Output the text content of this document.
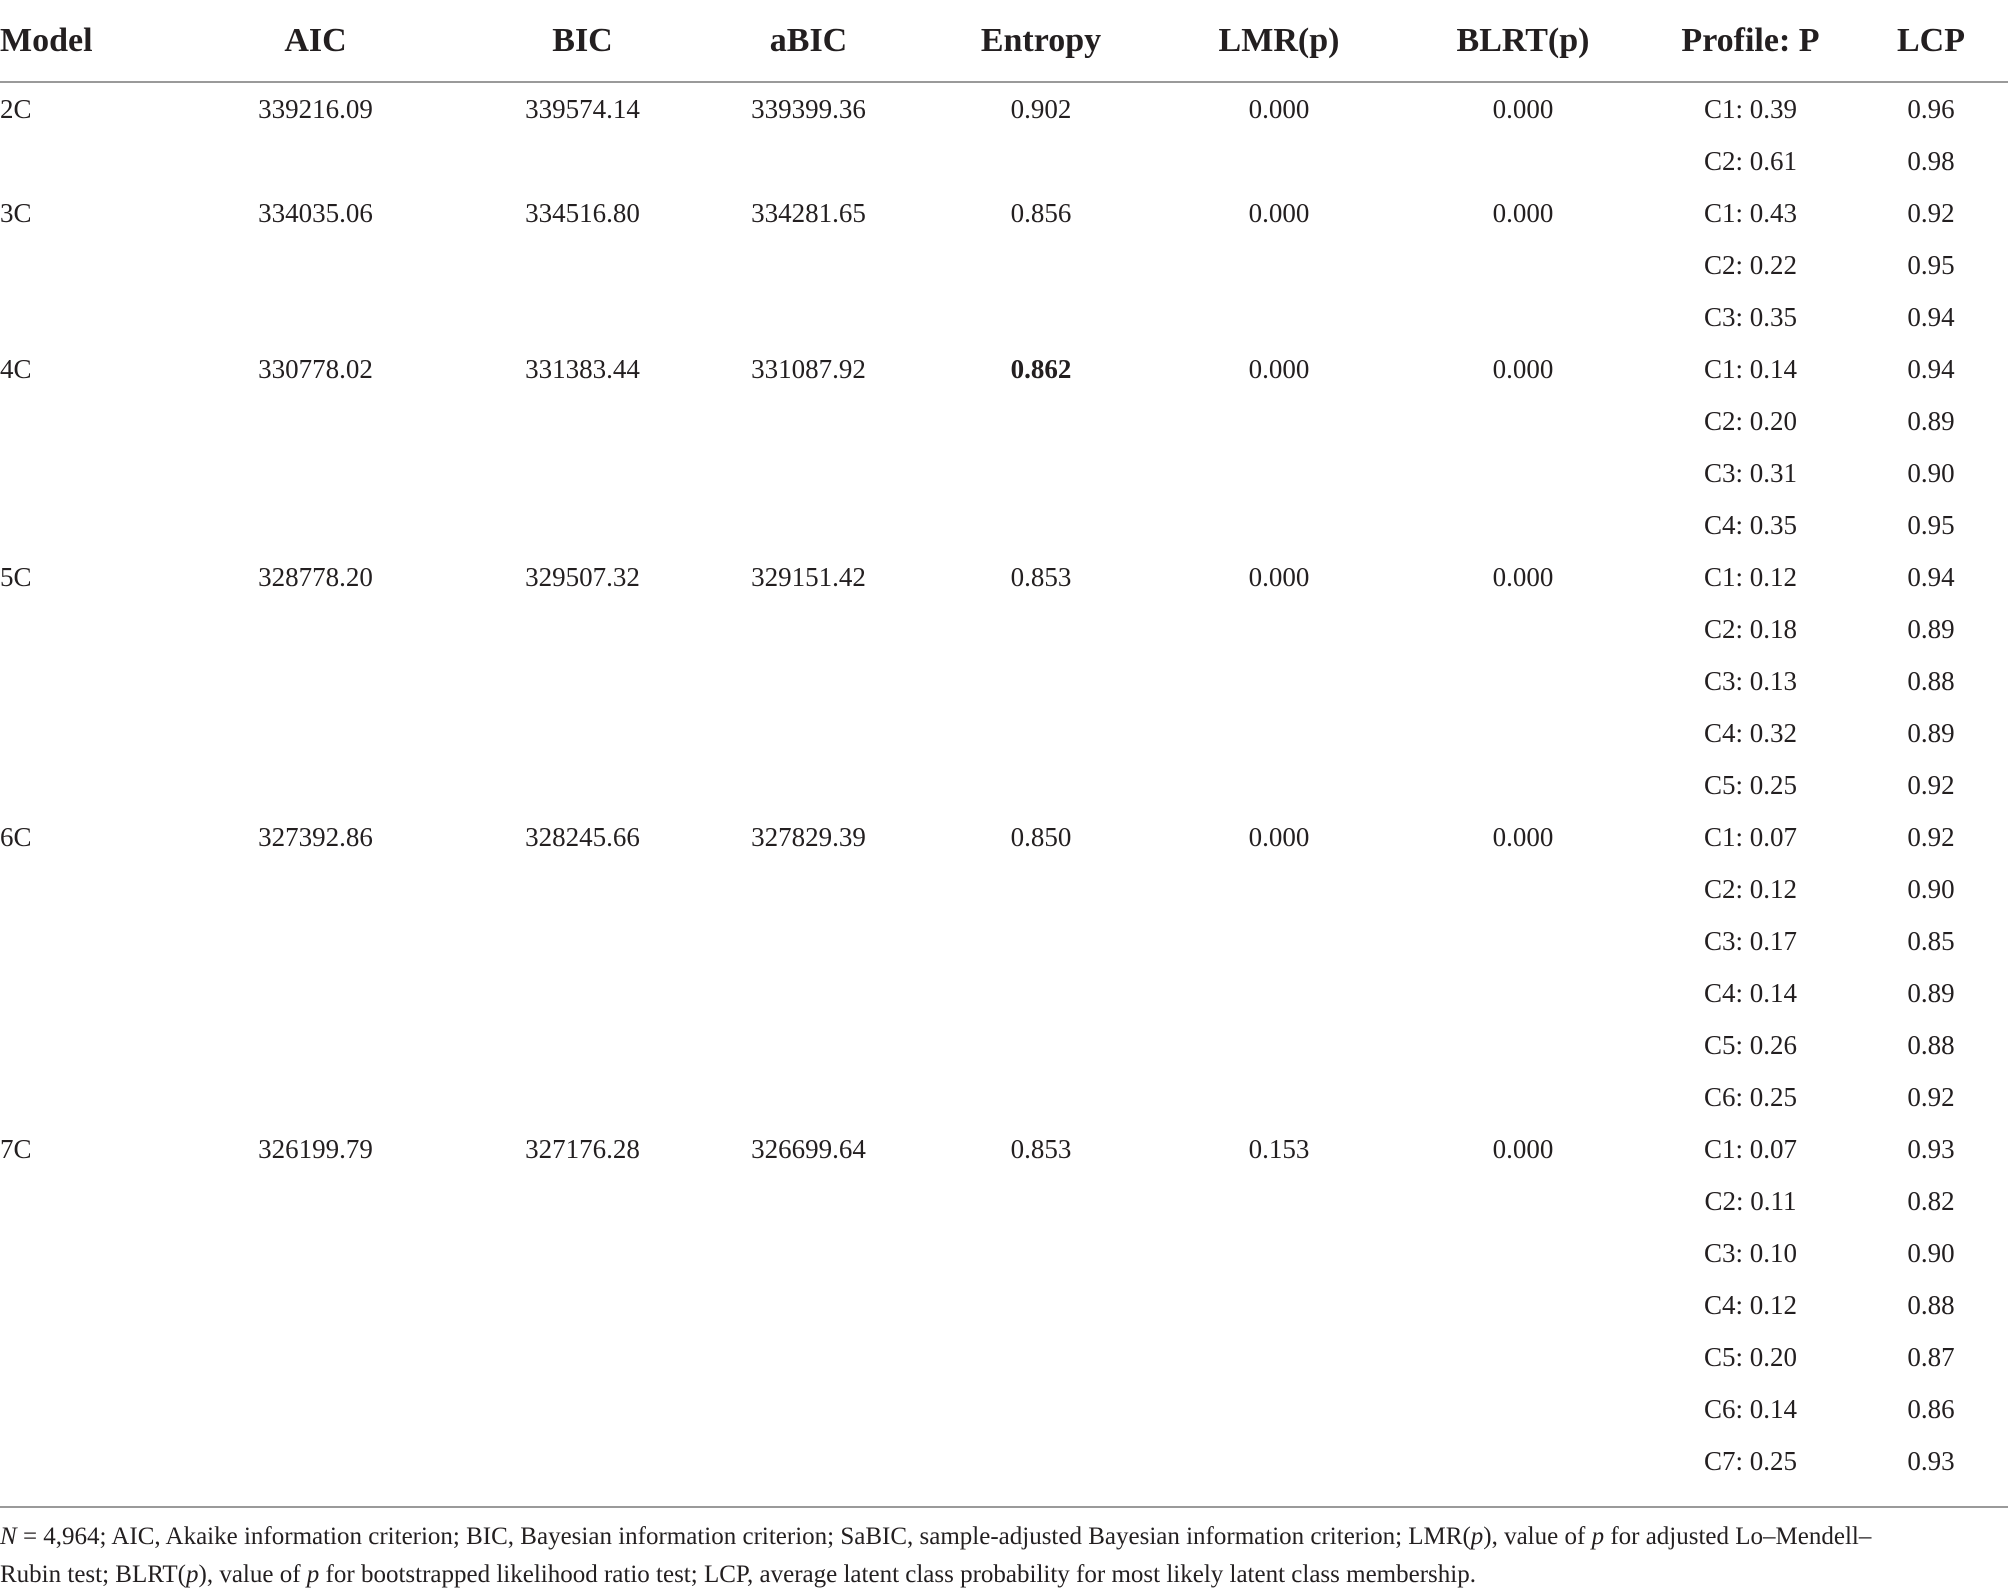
Model	AIC	BIC	aBIC	Entropy	LMR(p)	BLRT(p)	Profile: P	LCP
2C	339216.09	339574.14	339399.36	0.902	0.000	0.000	C1: 0.39	0.96
							C2: 0.61	0.98
3C	334035.06	334516.80	334281.65	0.856	0.000	0.000	C1: 0.43	0.92
							C2: 0.22	0.95
							C3: 0.35	0.94
4C	330778.02	331383.44	331087.92	0.862	0.000	0.000	C1: 0.14	0.94
							C2: 0.20	0.89
							C3: 0.31	0.90
							C4: 0.35	0.95
5C	328778.20	329507.32	329151.42	0.853	0.000	0.000	C1: 0.12	0.94
							C2: 0.18	0.89
							C3: 0.13	0.88
							C4: 0.32	0.89
							C5: 0.25	0.92
6C	327392.86	328245.66	327829.39	0.850	0.000	0.000	C1: 0.07	0.92
							C2: 0.12	0.90
							C3: 0.17	0.85
							C4: 0.14	0.89
							C5: 0.26	0.88
							C6: 0.25	0.92
7C	326199.79	327176.28	326699.64	0.853	0.153	0.000	C1: 0.07	0.93
							C2: 0.11	0.82
							C3: 0.10	0.90
							C4: 0.12	0.88
							C5: 0.20	0.87
							C6: 0.14	0.86
							C7: 0.25	0.93
N = 4,964; AIC, Akaike information criterion; BIC, Bayesian information criterion; SaBIC, sample-adjusted Bayesian information criterion; LMR(p), value of p for adjusted Lo–Mendell–Rubin test; BLRT(p), value of p for bootstrapped likelihood ratio test; LCP, average latent class probability for most likely latent class membership.
